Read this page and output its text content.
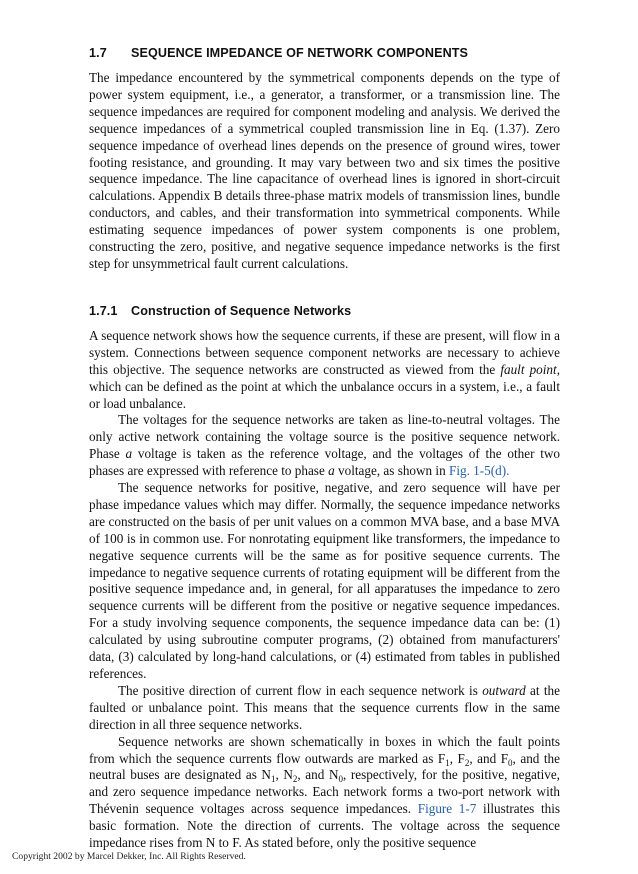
1.7 SEQUENCE IMPEDANCE OF NETWORK COMPONENTS

The impedance encountered by the symmetrical components depends on the type of power system equipment, i.e., a generator, a transformer, or a transmission line. The sequence impedances are required for component modeling and analysis. We derived the sequence impedances of a symmetrical coupled transmission line in Eq. (1.37). Zero sequence impedance of overhead lines depends on the presence of ground wires, tower footing resistance, and grounding. It may vary between two and six times the positive sequence impedance. The line capacitance of overhead lines is ignored in short-circuit calculations. Appendix B details three-phase matrix models of transmission lines, bundle conductors, and cables, and their transformation into symmetrical components. While estimating sequence impedances of power system components is one problem, constructing the zero, positive, and negative sequence impedance networks is the first step for unsymmetrical fault current calculations.

1.7.1 Construction of Sequence Networks

A sequence network shows how the sequence currents, if these are present, will flow in a system. Connections between sequence component networks are necessary to achieve this objective. The sequence networks are constructed as viewed from the fault point, which can be defined as the point at which the unbalance occurs in a system, i.e., a fault or load unbalance.

The voltages for the sequence networks are taken as line-to-neutral voltages. The only active network containing the voltage source is the positive sequence network. Phase a voltage is taken as the reference voltage, and the voltages of the other two phases are expressed with reference to phase a voltage, as shown in Fig. 1-5(d).

The sequence networks for positive, negative, and zero sequence will have per phase impedance values which may differ. Normally, the sequence impedance networks are constructed on the basis of per unit values on a common MVA base, and a base MVA of 100 is in common use. For nonrotating equipment like transformers, the impedance to negative sequence currents will be the same as for positive sequence currents. The impedance to negative sequence currents of rotating equipment will be different from the positive sequence impedance and, in general, for all apparatuses the impedance to zero sequence currents will be different from the positive or negative sequence impedances. For a study involving sequence components, the sequence impedance data can be: (1) calculated by using subroutine computer programs, (2) obtained from manufacturers' data, (3) calculated by long-hand calculations, or (4) estimated from tables in published references.

The positive direction of current flow in each sequence network is outward at the faulted or unbalance point. This means that the sequence currents flow in the same direction in all three sequence networks.

Sequence networks are shown schematically in boxes in which the fault points from which the sequence currents flow outwards are marked as $F_1$, $F_2$, and $F_0$, and the neutral buses are designated as $N_1$, $N_2$, and $N_0$, respectively, for the positive, negative, and zero sequence impedance networks. Each network forms a two-port network with Thévenin sequence voltages across sequence impedances. Figure 1-7 illustrates this basic formation. Note the direction of currents. The voltage across the sequence impedance rises from N to F. As stated before, only the positive sequence

Copyright 2002 by Marcel Dekker, Inc. All Rights Reserved.
